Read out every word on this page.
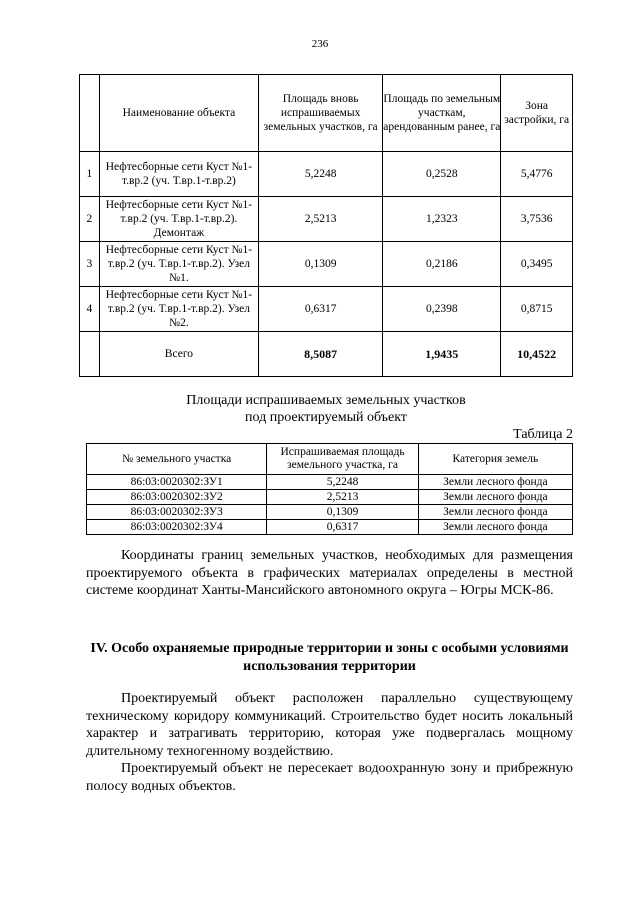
236
	Наименование объекта	Площадь вновь испрашиваемых земельных участков, га	Площадь по земельным участкам, арендованным ранее, га	Зона застройки, га
1	Нефтесборные сети Куст №1-т.вр.2 (уч. Т.вр.1-т.вр.2)	5,2248	0,2528	5,4776
2	Нефтесборные сети Куст №1-т.вр.2 (уч. Т.вр.1-т.вр.2). Демонтаж	2,5213	1,2323	3,7536
3	Нефтесборные сети Куст №1-т.вр.2 (уч. Т.вр.1-т.вр.2). Узел №1.	0,1309	0,2186	0,3495
4	Нефтесборные сети Куст №1-т.вр.2 (уч. Т.вр.1-т.вр.2). Узел №2.	0,6317	0,2398	0,8715
	Всего	8,5087	1,9435	10,4522
Площади испрашиваемых земельных участков
под проектируемый объект
Таблица 2
№ земельного участка	Испрашиваемая площадь земельного участка, га	Категория земель
86:03:0020302:ЗУ1	5,2248	Земли лесного фонда
86:03:0020302:ЗУ2	2,5213	Земли лесного фонда
86:03:0020302:ЗУ3	0,1309	Земли лесного фонда
86:03:0020302:ЗУ4	0,6317	Земли лесного фонда
Координаты границ земельных участков, необходимых для размещения проектируемого объекта в графических материалах определены в местной системе координат Ханты-Мансийского автономного округа – Югры МСК-86.
IV. Особо охраняемые природные территории и зоны с особыми условиями использования территории
Проектируемый объект расположен параллельно существующему техническому коридору коммуникаций. Строительство будет носить локальный характер и затрагивать территорию, которая уже подвергалась мощному длительному техногенному воздействию.
Проектируемый объект не пересекает водоохранную зону и прибрежную полосу водных объектов.
